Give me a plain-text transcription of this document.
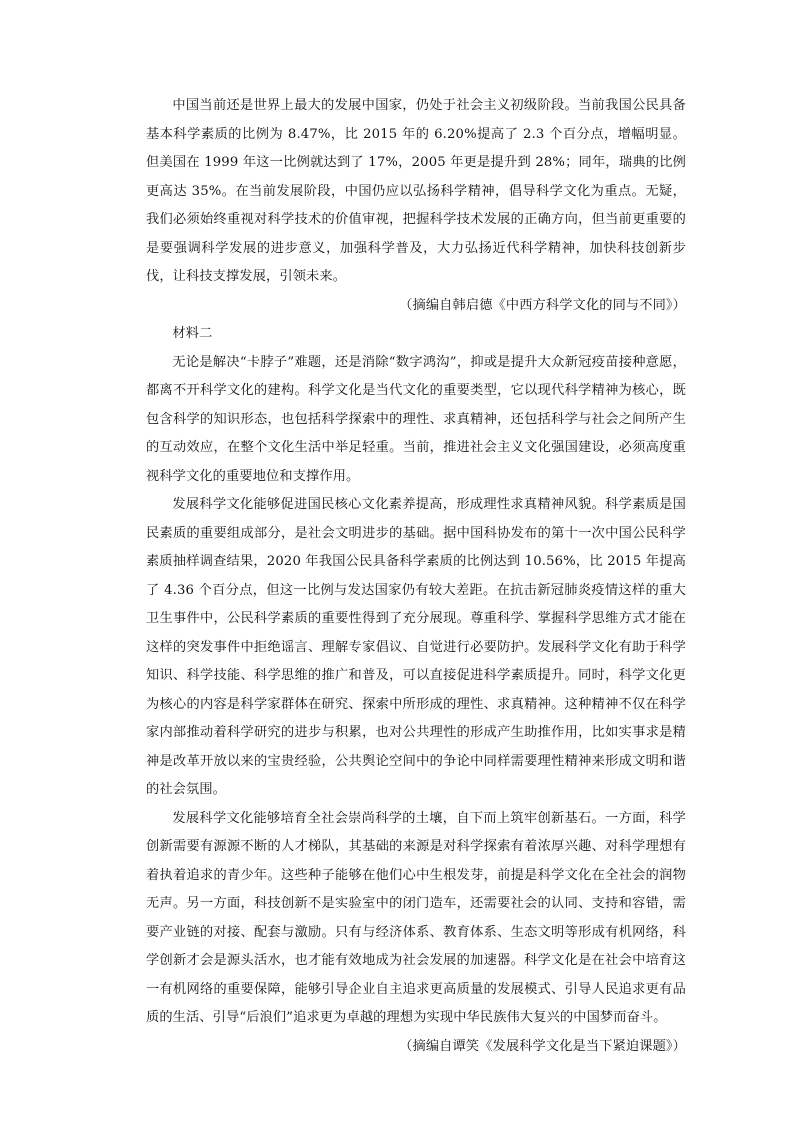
中国当前还是世界上最大的发展中国家，仍处于社会主义初级阶段。当前我国公民具备基本科学素质的比例为 8.47%，比 2015 年的 6.20%提高了 2.3 个百分点，增幅明显。但美国在 1999 年这一比例就达到了 17%，2005 年更是提升到 28%；同年，瑞典的比例更高达 35%。在当前发展阶段，中国仍应以弘扬科学精神，倡导科学文化为重点。无疑，我们必须始终重视对科学技术的价值审视，把握科学技术发展的正确方向，但当前更重要的是要强调科学发展的进步意义，加强科学普及，大力弘扬近代科学精神，加快科技创新步伐，让科技支撑发展，引领未来。

（摘编自韩启德《中西方科学文化的同与不同》）

材料二

无论是解决“卡脖子”难题，还是消除“数字鸿沟”，抑或是提升大众新冠疫苗接种意愿，都离不开科学文化的建构。科学文化是当代文化的重要类型，它以现代科学精神为核心，既包含科学的知识形态，也包括科学探索中的理性、求真精神，还包括科学与社会之间所产生的互动效应，在整个文化生活中举足轻重。当前，推进社会主义文化强国建设，必须高度重视科学文化的重要地位和支撑作用。

发展科学文化能够促进国民核心文化素养提高，形成理性求真精神风貌。科学素质是国民素质的重要组成部分，是社会文明进步的基础。据中国科协发布的第十一次中国公民科学素质抽样调查结果，2020 年我国公民具备科学素质的比例达到 10.56%，比 2015 年提高了 4.36 个百分点，但这一比例与发达国家仍有较大差距。在抗击新冠肺炎疫情这样的重大卫生事件中，公民科学素质的重要性得到了充分展现。尊重科学、掌握科学思维方式才能在这样的突发事件中拒绝谣言、理解专家倡议、自觉进行必要防护。发展科学文化有助于科学知识、科学技能、科学思维的推广和普及，可以直接促进科学素质提升。同时，科学文化更为核心的内容是科学家群体在研究、探索中所形成的理性、求真精神。这种精神不仅在科学家内部推动着科学研究的进步与积累，也对公共理性的形成产生助推作用，比如实事求是精神是改革开放以来的宝贵经验，公共舆论空间中的争论中同样需要理性精神来形成文明和谐的社会氛围。

发展科学文化能够培育全社会崇尚科学的土壤，自下而上筑牢创新基石。一方面，科学创新需要有源源不断的人才梯队，其基础的来源是对科学探索有着浓厚兴趣、对科学理想有着执着追求的青少年。这些种子能够在他们心中生根发芽，前提是科学文化在全社会的润物无声。另一方面，科技创新不是实验室中的闭门造车，还需要社会的认同、支持和容错，需要产业链的对接、配套与激励。只有与经济体系、教育体系、生态文明等形成有机网络，科学创新才会是源头活水，也才能有效地成为社会发展的加速器。科学文化是在社会中培育这一有机网络的重要保障，能够引导企业自主追求更高质量的发展模式、引导人民追求更有品质的生活、引导“后浪们”追求更为卓越的理想为实现中华民族伟大复兴的中国梦而奋斗。

（摘编自谭笑《发展科学文化是当下紧迫课题》）
